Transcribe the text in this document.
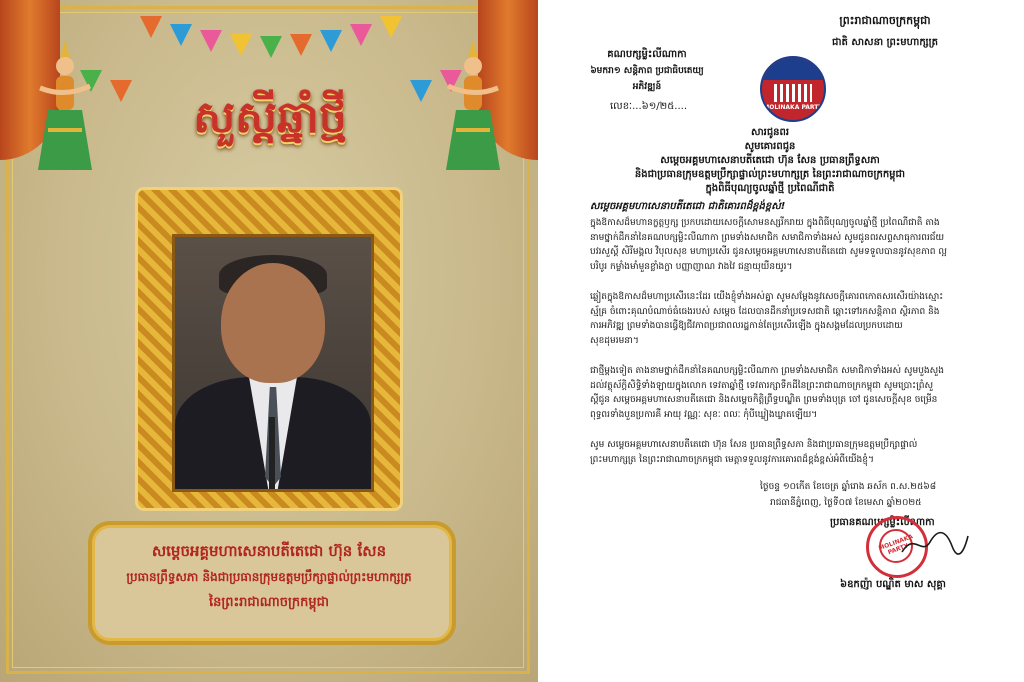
សួស្តីឆ្នាំថ្មី
សម្តេចអគ្គមហាសេនាបតីតេជោ ហ៊ុន សែន
ប្រធានព្រឹទ្ធសភា និងជាប្រធានក្រុមឧត្តមប្រឹក្សាផ្ទាល់ព្រះមហាក្សត្រ
នៃព្រះរាជាណាចក្រកម្ពុជា
ព្រះរាជាណាចក្រកម្ពុជា
ជាតិ សាសនា ព្រះមហាក្សត្រ
គណបក្សម្លិះលីណាកា
៦មករា១ សន្តិភាព ប្រជាធិបតេយ្យ
អភិវឌ្ឍន៍
លេខៈ...៦១/២៥....	MOLINAKA PARTY
សារជូនពរ
សូមគោរពជូន
សម្តេចអគ្គមហាសេនាបតីតេជោ ហ៊ុន សែន ប្រធានព្រឹទ្ធសភា
និងជាប្រធានក្រុមឧត្តមប្រឹក្សាផ្ទាល់ព្រះមហាក្សត្រ នៃព្រះរាជាណាចក្រកម្ពុជា
ក្នុងពិធីបុណ្យចូលឆ្នាំថ្មី ប្រពៃណីជាតិ
សម្តេចអគ្គមហាសេនាបតីតេជោ ជាតិគោរពដ៏ខ្ពង់ខ្ពស់!
ក្នុងឱកាសដ៏មហានក្ខត្តឫក្ស ប្រកបដោយសេចក្តីសោមនស្សរីករាយ ក្នុងពិធីបុណ្យចូលឆ្នាំថ្មី ប្រពៃណីជាតិ តាងនាមថ្នាក់ដឹកនាំនៃគណបក្សម្លិះលីណាកា ព្រមទាំងសមាជិក សមាជិកាទាំងអស់ សូមជូនពរសព្ទសាធុការពរជ័យ បវរសួស្តី សិរីមង្គល វិបុលសុខ មហាប្រសើរ ជូនសម្តេចអគ្គមហាសេនាបតីតេជោ សូមទទួលបាននូវសុខភាព ល្អបរិបូរ កម្លាំងមាំមួនខ្លាំងក្លា បញ្ញាញាណ វាងវៃ ជន្មាយុយឺនយូរ។
ឆ្លៀតក្នុងឱកាសដ៏មហាប្រសើរនេះដែរ យើងខ្ញុំទាំងអស់គ្នា សូមសម្តែងនូវសេចក្តីគោរពកោតសរសើរយ៉ាងស្មោះស្ម័គ្រ ចំពោះគុណបំណាច់ធំធេងរបស់ សម្តេច ដែលបានដឹកនាំប្រទេសជាតិ ឆ្ពោះទៅរកសន្តិភាព ស្ថិរភាព និងការអភិវឌ្ឍ ព្រមទាំងបានធ្វើឱ្យជីវភាពប្រជាពលរដ្ឋកាន់តែប្រសើរឡើង ក្នុងសង្គមដែលប្រកបដោយសុខដុមរមនា។
ជាថ្មីម្តងទៀត តាងនាមថ្នាក់ដឹកនាំនៃគណបក្សម្លិះលីណាកា ព្រមទាំងសមាជិក សមាជិកាទាំងអស់ សូមបួងសួងដល់វត្ថុស័ក្តិសិទ្ធិទាំងឡាយក្នុងលោក ទេវតាឆ្នាំថ្មី ទេវតារក្សាទឹកដីនៃព្រះរាជាណាចក្រកម្ពុជា សូមប្រោះព្រំសួស្តីជូន សម្តេចអគ្គមហាសេនាបតីតេជោ និងសម្តេចកិត្តិព្រឹទ្ធបណ្ឌិត ព្រមទាំងបុត្រ ចៅ ជូនសេចក្តីសុខ ចម្រើន ពុទ្ធពរទាំងបួនប្រការគឺ អាយុ វណ្ណៈ សុខៈ ពលៈ កុំបីឃ្លៀងឃ្លាតឡើយ។
សូម សម្តេចអគ្គមហាសេនាបតីតេជោ ហ៊ុន សែន ប្រធានព្រឹទ្ធសភា និងជាប្រធានក្រុមឧត្តមប្រឹក្សាផ្ទាល់ព្រះមហាក្សត្រ នៃព្រះរាជាណាចក្រកម្ពុជា មេត្តាទទួលនូវការគោរពដ៏ខ្ពង់ខ្ពស់អំពីយើងខ្ញុំ។
ថ្ងៃចន្ទ ១០កើត ខែចេត្រ ឆ្នាំរោង ឆស័ក ព.ស.២៥៦៨
រាជធានីភ្នំពេញ, ថ្ងៃទី០៧ ខែមេសា ឆ្នាំ២០២៥
ប្រធានគណបក្សម្លិះលីណាកា
MOLINAKA PARTY
៦ឧកញ៉ា បណ្ឌិត មាស សុគ្គា
